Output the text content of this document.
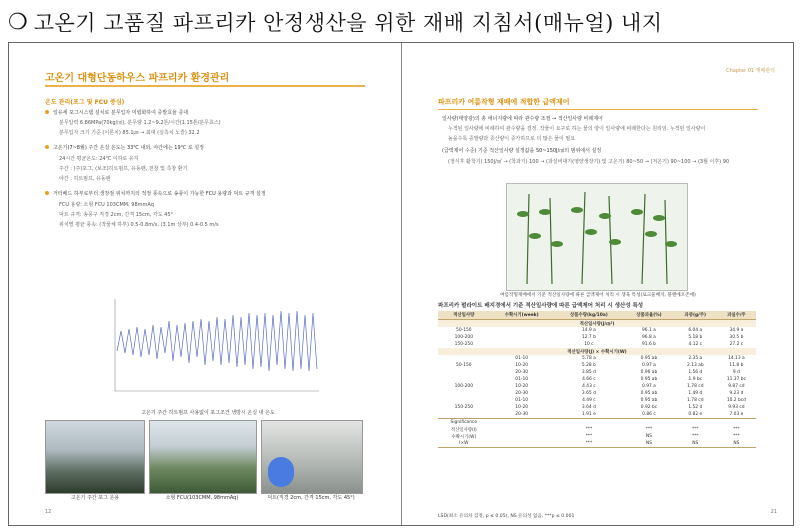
❍ 고온기 고품질 파프리카 안정생산을 위한 재배 지침서(매뉴얼) 내지
고온기 대형단동하우스 파프리카 환경관리
온도 관리(포그 및 FCU 중심)
일유세 포그시스템 설치로 분무입자 미립화하여 증발효율 증대
분무압력 6.86MPa(70kg/㎠), 분무량 1.2~9.2톤/시간(1.15톤/분무효스)
분무입자 크기 기준 (이론치) 85.1㎛ → 최대 (실측치 노즐) 32.2
고온기(7~8월) 주간 온실 온도는 33℃ 내외, 야간에는 19℃ 로 설정
24시간 평균온도: 24℃ 이하로 유지
주간 : (주)포그, (보조)히트펌프, 유동팬, 천창 및 측창 환기
야간 : 히트펌프, 유동팬
거터베드 하부로부터 생장점 위치까지의 적정 풍속으로 송풍이 가능한 FCU 용량과 덕트 규격 설정
FCU 용량: 소형 FCU 103CMM, 98mmAq
덕트 규격: 송풍구 직경 2cm, 간격 15cm, 각도 45°
위치별 평균 풍속: (작물체 하부) 0.5-0.8m/s, (3.1m 상부) 0.4-0.5 m/s
고온기 주간 히트펌프 사용없이 포그조건 냉방시 온실 내 온도
고온기 주간 포그 운용	소형 FCU(103CMM, 98mmAq)	덕트(직경 2cm, 간격 15cm, 각도 45°)
12
Chapter 01 재배관리
파프리카 여름작형 재배에 적합한 급액제어
일사량(태양광)의 총 에너지량에 따라 관수량 조절 → 적산일사량 비례제어
누적된 일사량에 비례하여 관수량을 결정. 작물이 요구로 하는 물의 양이 일사량에 비례한다는 원리임. 누적된 일사량이
높을수록 증발량과 증산량이 증가하므로 더 많은 물이 필요
(급액제어 수준) 기준 적산일사량 설정값을 50~150J/㎠의 범위에서 설정
(정식후 활착기) 150J/㎠ → (착과기) 100 → (과실비대기(영양생장기) 및 고온기) 80~50 → (저온기) 90~100 → (3월 이후) 90
여름작형재배에서 기준 적산일사량에 따른 급액제어 처리 시 생육 특성(로크울배지, 블랜에오존에)
파프리카 펄라이트 배지경에서 기준 적산일사량에 따른 급액제어 처리 시 생산성 특성
적산일사량	수확시기(week)	상품수량(kg/10a)	상품과율(%)	과중(g/주)	과실수/주
적산일사량(J/㎝²)					
50-150		14.9 a	96.1 a	6.04 a	34.9 a
100-200		12.7 b	96.8 a	5.18 b	30.5 b
150-250		10 c	91.6 b	4.12 c	27.2 c
적산일사량(J) × 수확시기(W)					
	01-10	5.78 a	0.95 ab	2.35 a	14.13 a
50-150	10-20	5.28 b	0.97 a	2.13 ab	11.8 b
	20-30	3.85 d	0.96 ab	1.56 d	9 d
	01-10	4.66 c	0.95 ab	1.9 bc	11.37 bc
100-200	10-20	4.43 c	0.97 a	1.78 cd	9.87 cd
	20-30	3.65 d	0.95 ab	1.49 d	9.23 d
	01-10	4.49 c	0.95 ab	1.78 cd	10.2 bcd
150-250	10-20	3.64 d	0.92 bc	1.52 d	9.93 cd
	20-30	1.91 e	0.86 c	0.82 e	7.03 e
Significance					
적산일사량(I)		***	***	***	***
수확시기(W)		***	NS	***	***
I×W		***	NS	NS	NS
LSD(최소 유의차 검정, p ≤ 0.05), NS 유의성 없음, ***p ≤ 0.001
21
